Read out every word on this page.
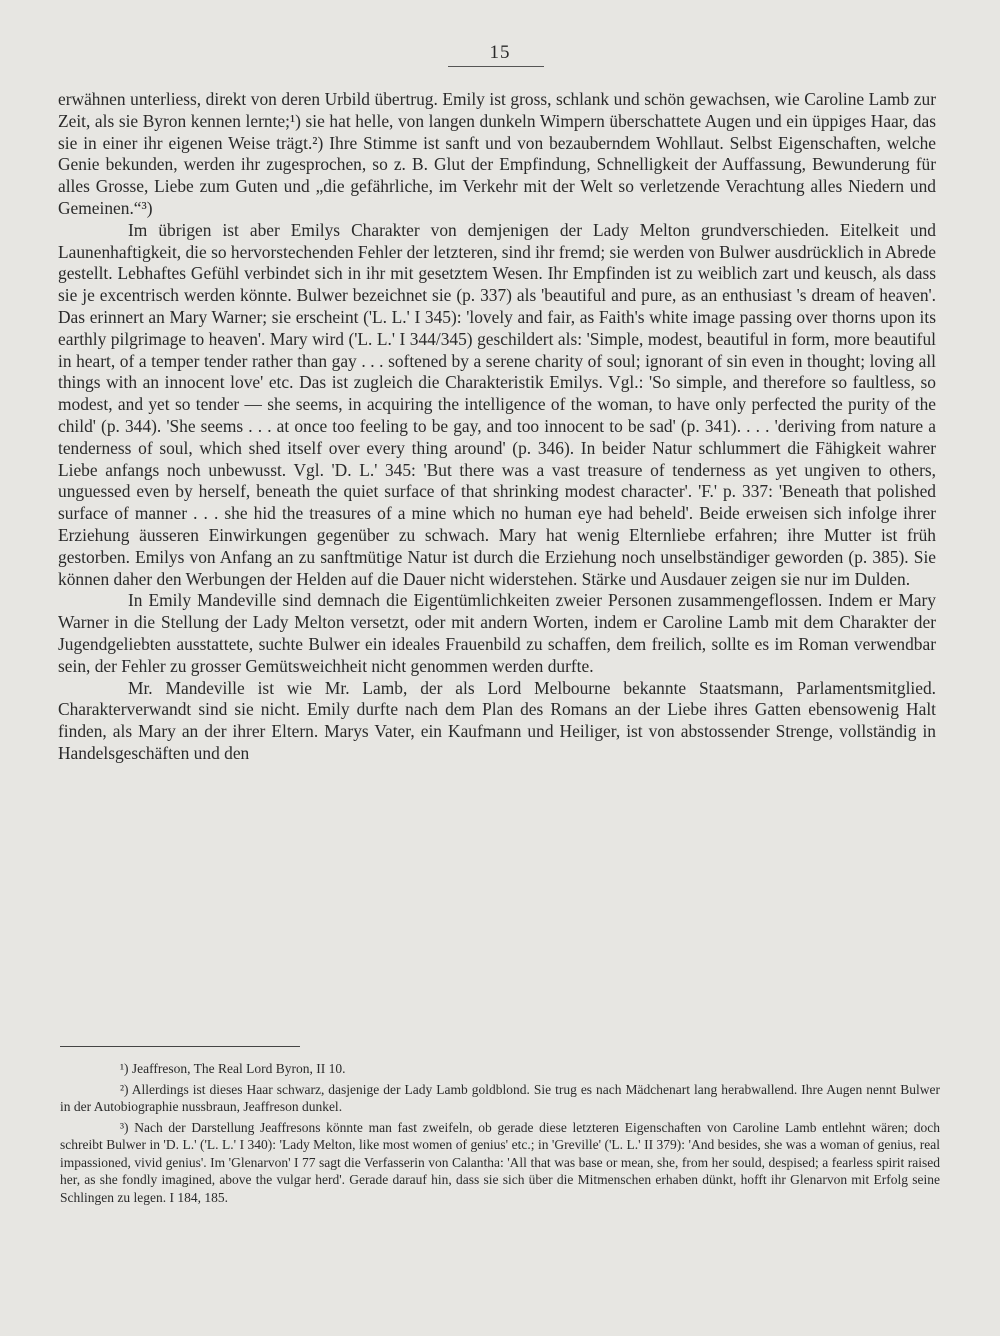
15

erwähnen unterliess, direkt von deren Urbild übertrug. Emily ist gross, schlank und schön gewachsen, wie Caroline Lamb zur Zeit, als sie Byron kennen lernte;¹) sie hat helle, von langen dunkeln Wimpern überschattete Augen und ein üppiges Haar, das sie in einer ihr eigenen Weise trägt.²) Ihre Stimme ist sanft und von bezauberndem Wohllaut. Selbst Eigenschaften, welche Genie bekunden, werden ihr zugesprochen, so z. B. Glut der Empfindung, Schnelligkeit der Auffassung, Bewunderung für alles Grosse, Liebe zum Guten und „die gefährliche, im Verkehr mit der Welt so verletzende Verachtung alles Niedern und Gemeinen.“³)

Im übrigen ist aber Emilys Charakter von demjenigen der Lady Melton grundverschieden. Eitelkeit und Launenhaftigkeit, die so hervorstechenden Fehler der letzteren, sind ihr fremd; sie werden von Bulwer ausdrücklich in Abrede gestellt. Lebhaftes Gefühl verbindet sich in ihr mit gesetztem Wesen. Ihr Empfinden ist zu weiblich zart und keusch, als dass sie je excentrisch werden könnte. Bulwer bezeichnet sie (p. 337) als 'beautiful and pure, as an enthusiast 's dream of heaven'. Das erinnert an Mary Warner; sie erscheint ('L. L.' I 345): 'lovely and fair, as Faith's white image passing over thorns upon its earthly pilgrimage to heaven'. Mary wird ('L. L.' I 344/345) geschildert als: 'Simple, modest, beautiful in form, more beautiful in heart, of a temper tender rather than gay . . . softened by a serene charity of soul; ignorant of sin even in thought; loving all things with an innocent love' etc. Das ist zugleich die Charakteristik Emilys. Vgl.: 'So simple, and therefore so faultless, so modest, and yet so tender — she seems, in acquiring the intelligence of the woman, to have only perfected the purity of the child' (p. 344). 'She seems . . . at once too feeling to be gay, and too innocent to be sad' (p. 341). . . . 'deriving from nature a tenderness of soul, which shed itself over every thing around' (p. 346). In beider Natur schlummert die Fähigkeit wahrer Liebe anfangs noch unbewusst. Vgl. 'D. L.' 345: 'But there was a vast treasure of tenderness as yet ungiven to others, unguessed even by herself, beneath the quiet surface of that shrinking modest character'. 'F.' p. 337: 'Beneath that polished surface of manner . . . she hid the treasures of a mine which no human eye had beheld'. Beide erweisen sich infolge ihrer Erziehung äusseren Einwirkungen gegenüber zu schwach. Mary hat wenig Elternliebe erfahren; ihre Mutter ist früh gestorben. Emilys von Anfang an zu sanftmütige Natur ist durch die Erziehung noch unselbständiger geworden (p. 385). Sie können daher den Werbungen der Helden auf die Dauer nicht widerstehen. Stärke und Ausdauer zeigen sie nur im Dulden.

In Emily Mandeville sind demnach die Eigentümlichkeiten zweier Personen zusammengeflossen. Indem er Mary Warner in die Stellung der Lady Melton versetzt, oder mit andern Worten, indem er Caroline Lamb mit dem Charakter der Jugendgeliebten ausstattete, suchte Bulwer ein ideales Frauenbild zu schaffen, dem freilich, sollte es im Roman verwendbar sein, der Fehler zu grosser Gemütsweichheit nicht genommen werden durfte.

Mr. Mandeville ist wie Mr. Lamb, der als Lord Melbourne bekannte Staatsmann, Parlamentsmitglied. Charakterverwandt sind sie nicht. Emily durfte nach dem Plan des Romans an der Liebe ihres Gatten ebensowenig Halt finden, als Mary an der ihrer Eltern. Marys Vater, ein Kaufmann und Heiliger, ist von abstossender Strenge, vollständig in Handelsgeschäften und den

¹) Jeaffreson, The Real Lord Byron, II 10.

²) Allerdings ist dieses Haar schwarz, dasjenige der Lady Lamb goldblond. Sie trug es nach Mädchenart lang herabwallend. Ihre Augen nennt Bulwer in der Autobiographie nussbraun, Jeaffreson dunkel.

³) Nach der Darstellung Jeaffresons könnte man fast zweifeln, ob gerade diese letzteren Eigenschaften von Caroline Lamb entlehnt wären; doch schreibt Bulwer in 'D. L.' ('L. L.' I 340): 'Lady Melton, like most women of genius' etc.; in 'Greville' ('L. L.' II 379): 'And besides, she was a woman of genius, real impassioned, vivid genius'. Im 'Glenarvon' I 77 sagt die Verfasserin von Calantha: 'All that was base or mean, she, from her sould, despised; a fearless spirit raised her, as she fondly imagined, above the vulgar herd'. Gerade darauf hin, dass sie sich über die Mitmenschen erhaben dünkt, hofft ihr Glenarvon mit Erfolg seine Schlingen zu legen. I 184, 185.
